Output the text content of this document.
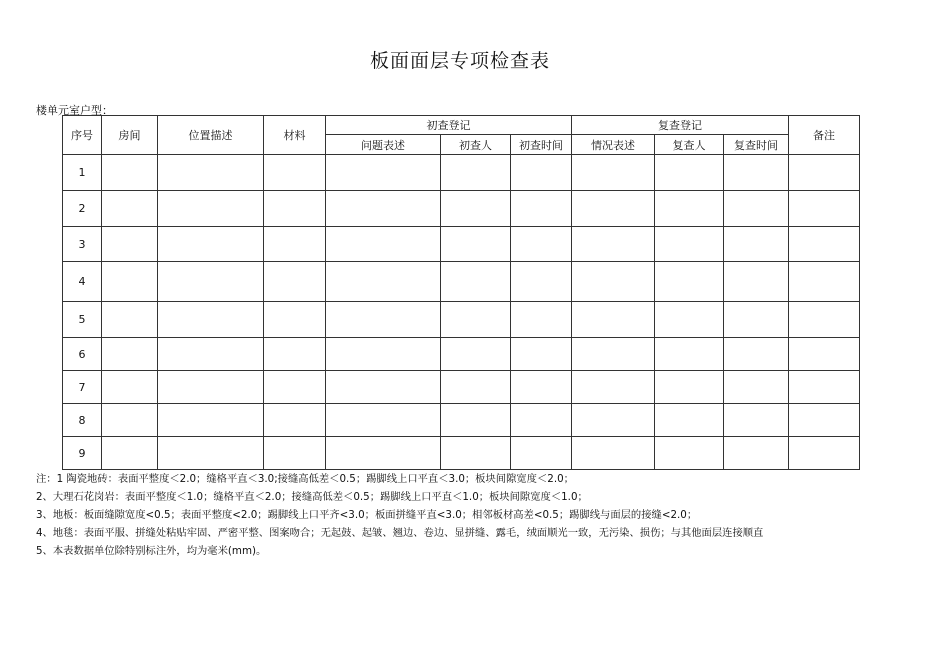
板面面层专项检查表
楼单元室户型：
序号	房间	位置描述	材料	初查登记			复查登记			备注
				问题表述	初查人	初查时间	情况表述	复查人	复查时间	
1										
2										
3										
4										
5										
6										
7										
8										
9										
注：1 陶瓷地砖：表面平整度＜2.0；缝格平直＜3.0;接缝高低差＜0.5；踢脚线上口平直＜3.0；板块间隙宽度＜2.0；
2、大理石花岗岩：表面平整度＜1.0；缝格平直＜2.0；接缝高低差＜0.5；踢脚线上口平直＜1.0；板块间隙宽度＜1.0；
3、地板：板面缝隙宽度<0.5；表面平整度<2.0；踢脚线上口平齐<3.0；板面拼缝平直<3.0；相邻板材高差<0.5；踢脚线与面层的接缝<2.0；
4、地毯：表面平服、拼缝处粘贴牢固、严密平整、图案吻合；无起鼓、起皱、翘边、卷边、显拼缝、露毛，绒面顺光一致，无污染、损伤；与其他面层连接顺直
5、本表数据单位除特别标注外，均为毫米(mm)。
